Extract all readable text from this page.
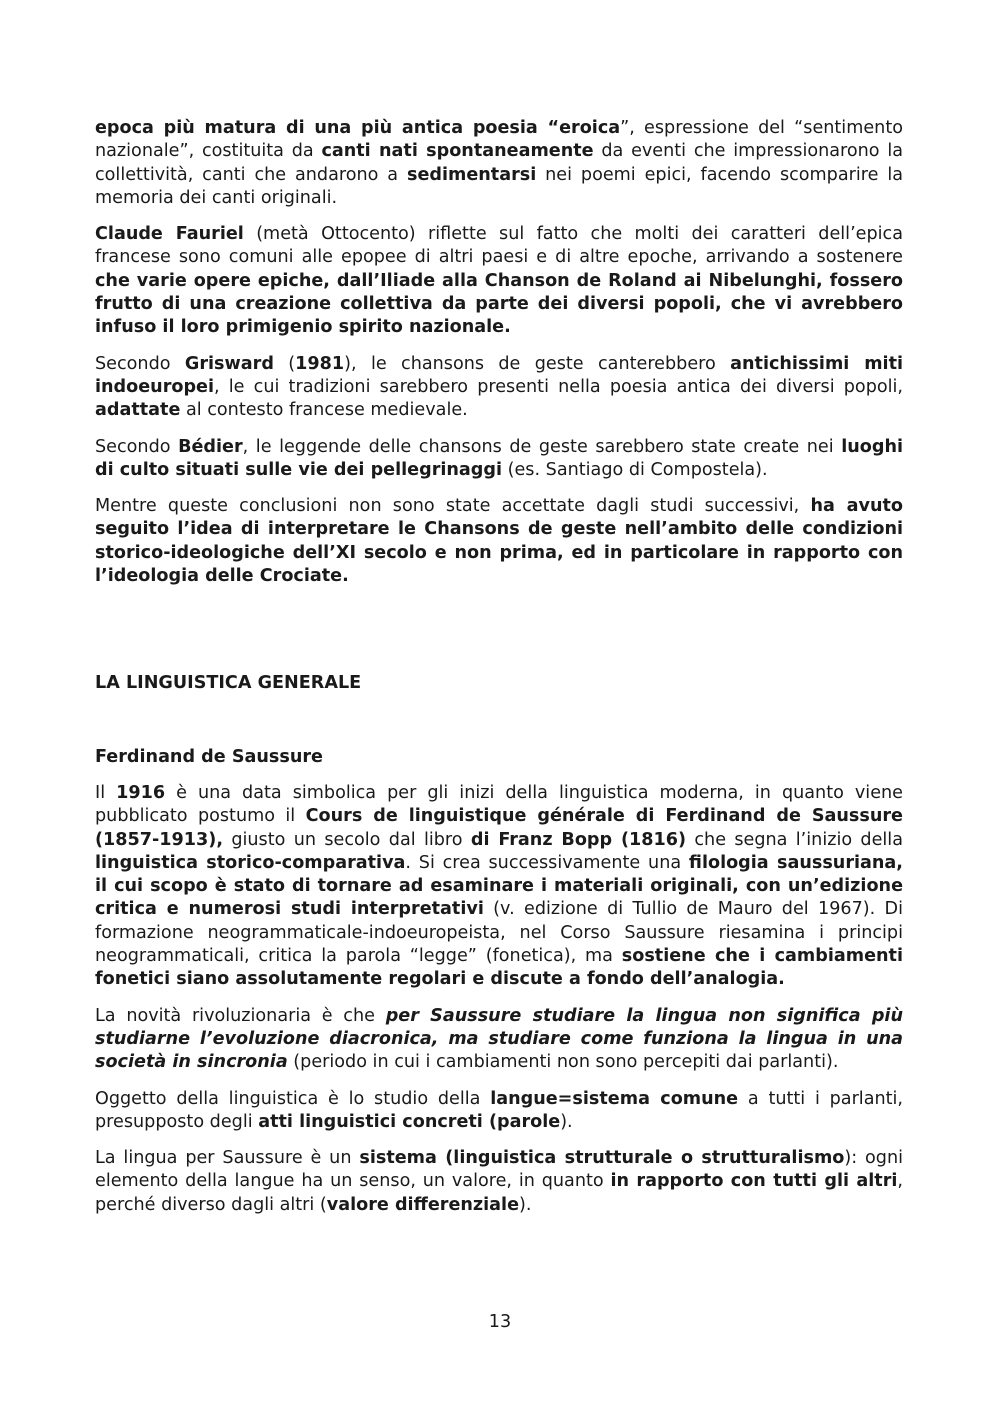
epoca più matura di una più antica poesia “eroica”, espressione del “sentimento nazionale”, costituita da canti nati spontaneamente da eventi che impressionarono la collettività, canti che andarono a sedimentarsi nei poemi epici, facendo scomparire la memoria dei canti originali.

Claude Fauriel (metà Ottocento) riflette sul fatto che molti dei caratteri dell’epica francese sono comuni alle epopee di altri paesi e di altre epoche, arrivando a sostenere che varie opere epiche, dall’Iliade alla Chanson de Roland ai Nibelunghi, fossero frutto di una creazione collettiva da parte dei diversi popoli, che vi avrebbero infuso il loro primigenio spirito nazionale.

Secondo Grisward (1981), le chansons de geste canterebbero antichissimi miti indoeuropei, le cui tradizioni sarebbero presenti nella poesia antica dei diversi popoli, adattate al contesto francese medievale.

Secondo Bédier, le leggende delle chansons de geste sarebbero state create nei luoghi di culto situati sulle vie dei pellegrinaggi (es. Santiago di Compostela).

Mentre queste conclusioni non sono state accettate dagli studi successivi, ha avuto seguito l’idea di interpretare le Chansons de geste nell’ambito delle condizioni storico-ideologiche dell’XI secolo e non prima, ed in particolare in rapporto con l’ideologia delle Crociate.

LA LINGUISTICA GENERALE
Ferdinand de Saussure

Il 1916 è una data simbolica per gli inizi della linguistica moderna, in quanto viene pubblicato postumo il Cours de linguistique générale di Ferdinand de Saussure (1857-1913), giusto un secolo dal libro di Franz Bopp (1816) che segna l’inizio della linguistica storico-comparativa. Si crea successivamente una filologia saussuriana, il cui scopo è stato di tornare ad esaminare i materiali originali, con un’edizione critica e numerosi studi interpretativi (v. edizione di Tullio de Mauro del 1967). Di formazione neogrammaticale-indoeuropeista, nel Corso Saussure riesamina i principi neogrammaticali, critica la parola “legge” (fonetica), ma sostiene che i cambiamenti fonetici siano assolutamente regolari e discute a fondo dell’analogia.

La novità rivoluzionaria è che per Saussure studiare la lingua non significa più studiarne l’evoluzione diacronica, ma studiare come funziona la lingua in una società in sincronia (periodo in cui i cambiamenti non sono percepiti dai parlanti).

Oggetto della linguistica è lo studio della langue=sistema comune a tutti i parlanti, presupposto degli atti linguistici concreti (parole).

La lingua per Saussure è un sistema (linguistica strutturale o strutturalismo): ogni elemento della langue ha un senso, un valore, in quanto in rapporto con tutti gli altri, perché diverso dagli altri (valore differenziale).

13
